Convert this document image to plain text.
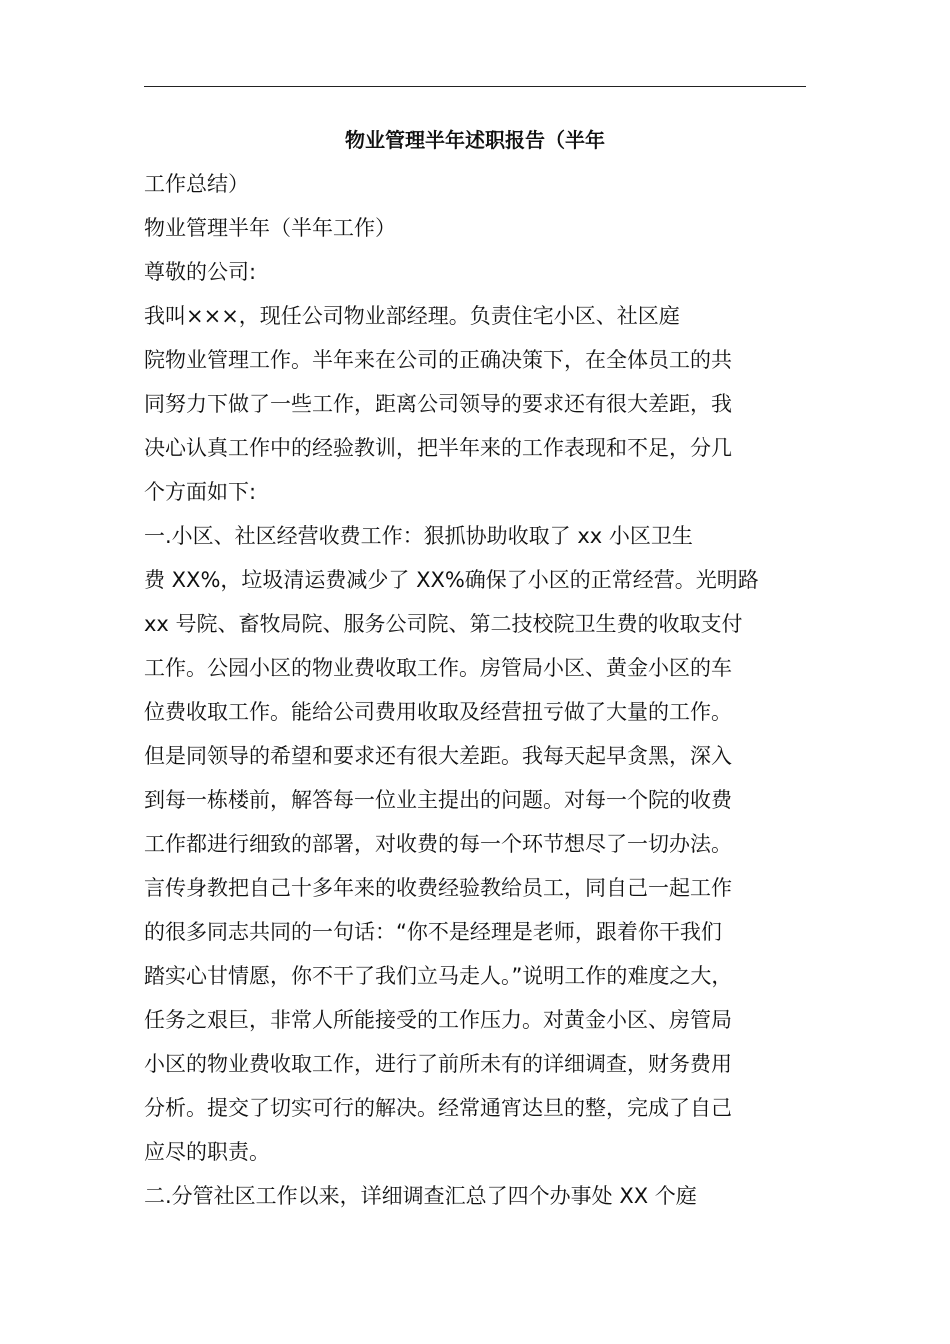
物业管理半年述职报告（半年
工作总结）
物业管理半年（半年工作）
尊敬的公司:
我叫×××，现任公司物业部经理。负责住宅小区、社区庭
院物业管理工作。半年来在公司的正确决策下，在全体员工的共
同努力下做了一些工作，距离公司领导的要求还有很大差距，我
决心认真工作中的经验教训，把半年来的工作表现和不足，分几
个方面如下:
一.小区、社区经营收费工作：狠抓协助收取了 xx 小区卫生
费 XX%，垃圾清运费减少了 XX%确保了小区的正常经营。光明路
xx 号院、畜牧局院、服务公司院、第二技校院卫生费的收取支付
工作。公园小区的物业费收取工作。房管局小区、黄金小区的车
位费收取工作。能给公司费用收取及经营扭亏做了大量的工作。
但是同领导的希望和要求还有很大差距。我每天起早贪黑，深入
到每一栋楼前，解答每一位业主提出的问题。对每一个院的收费
工作都进行细致的部署，对收费的每一个环节想尽了一切办法。
言传身教把自己十多年来的收费经验教给员工，同自己一起工作
的很多同志共同的一句话：“你不是经理是老师，跟着你干我们
踏实心甘情愿，你不干了我们立马走人。”说明工作的难度之大，
任务之艰巨，非常人所能接受的工作压力。对黄金小区、房管局
小区的物业费收取工作，进行了前所未有的详细调查，财务费用
分析。提交了切实可行的解决。经常通宵达旦的整，完成了自己
应尽的职责。
二.分管社区工作以来，详细调查汇总了四个办事处 XX 个庭
